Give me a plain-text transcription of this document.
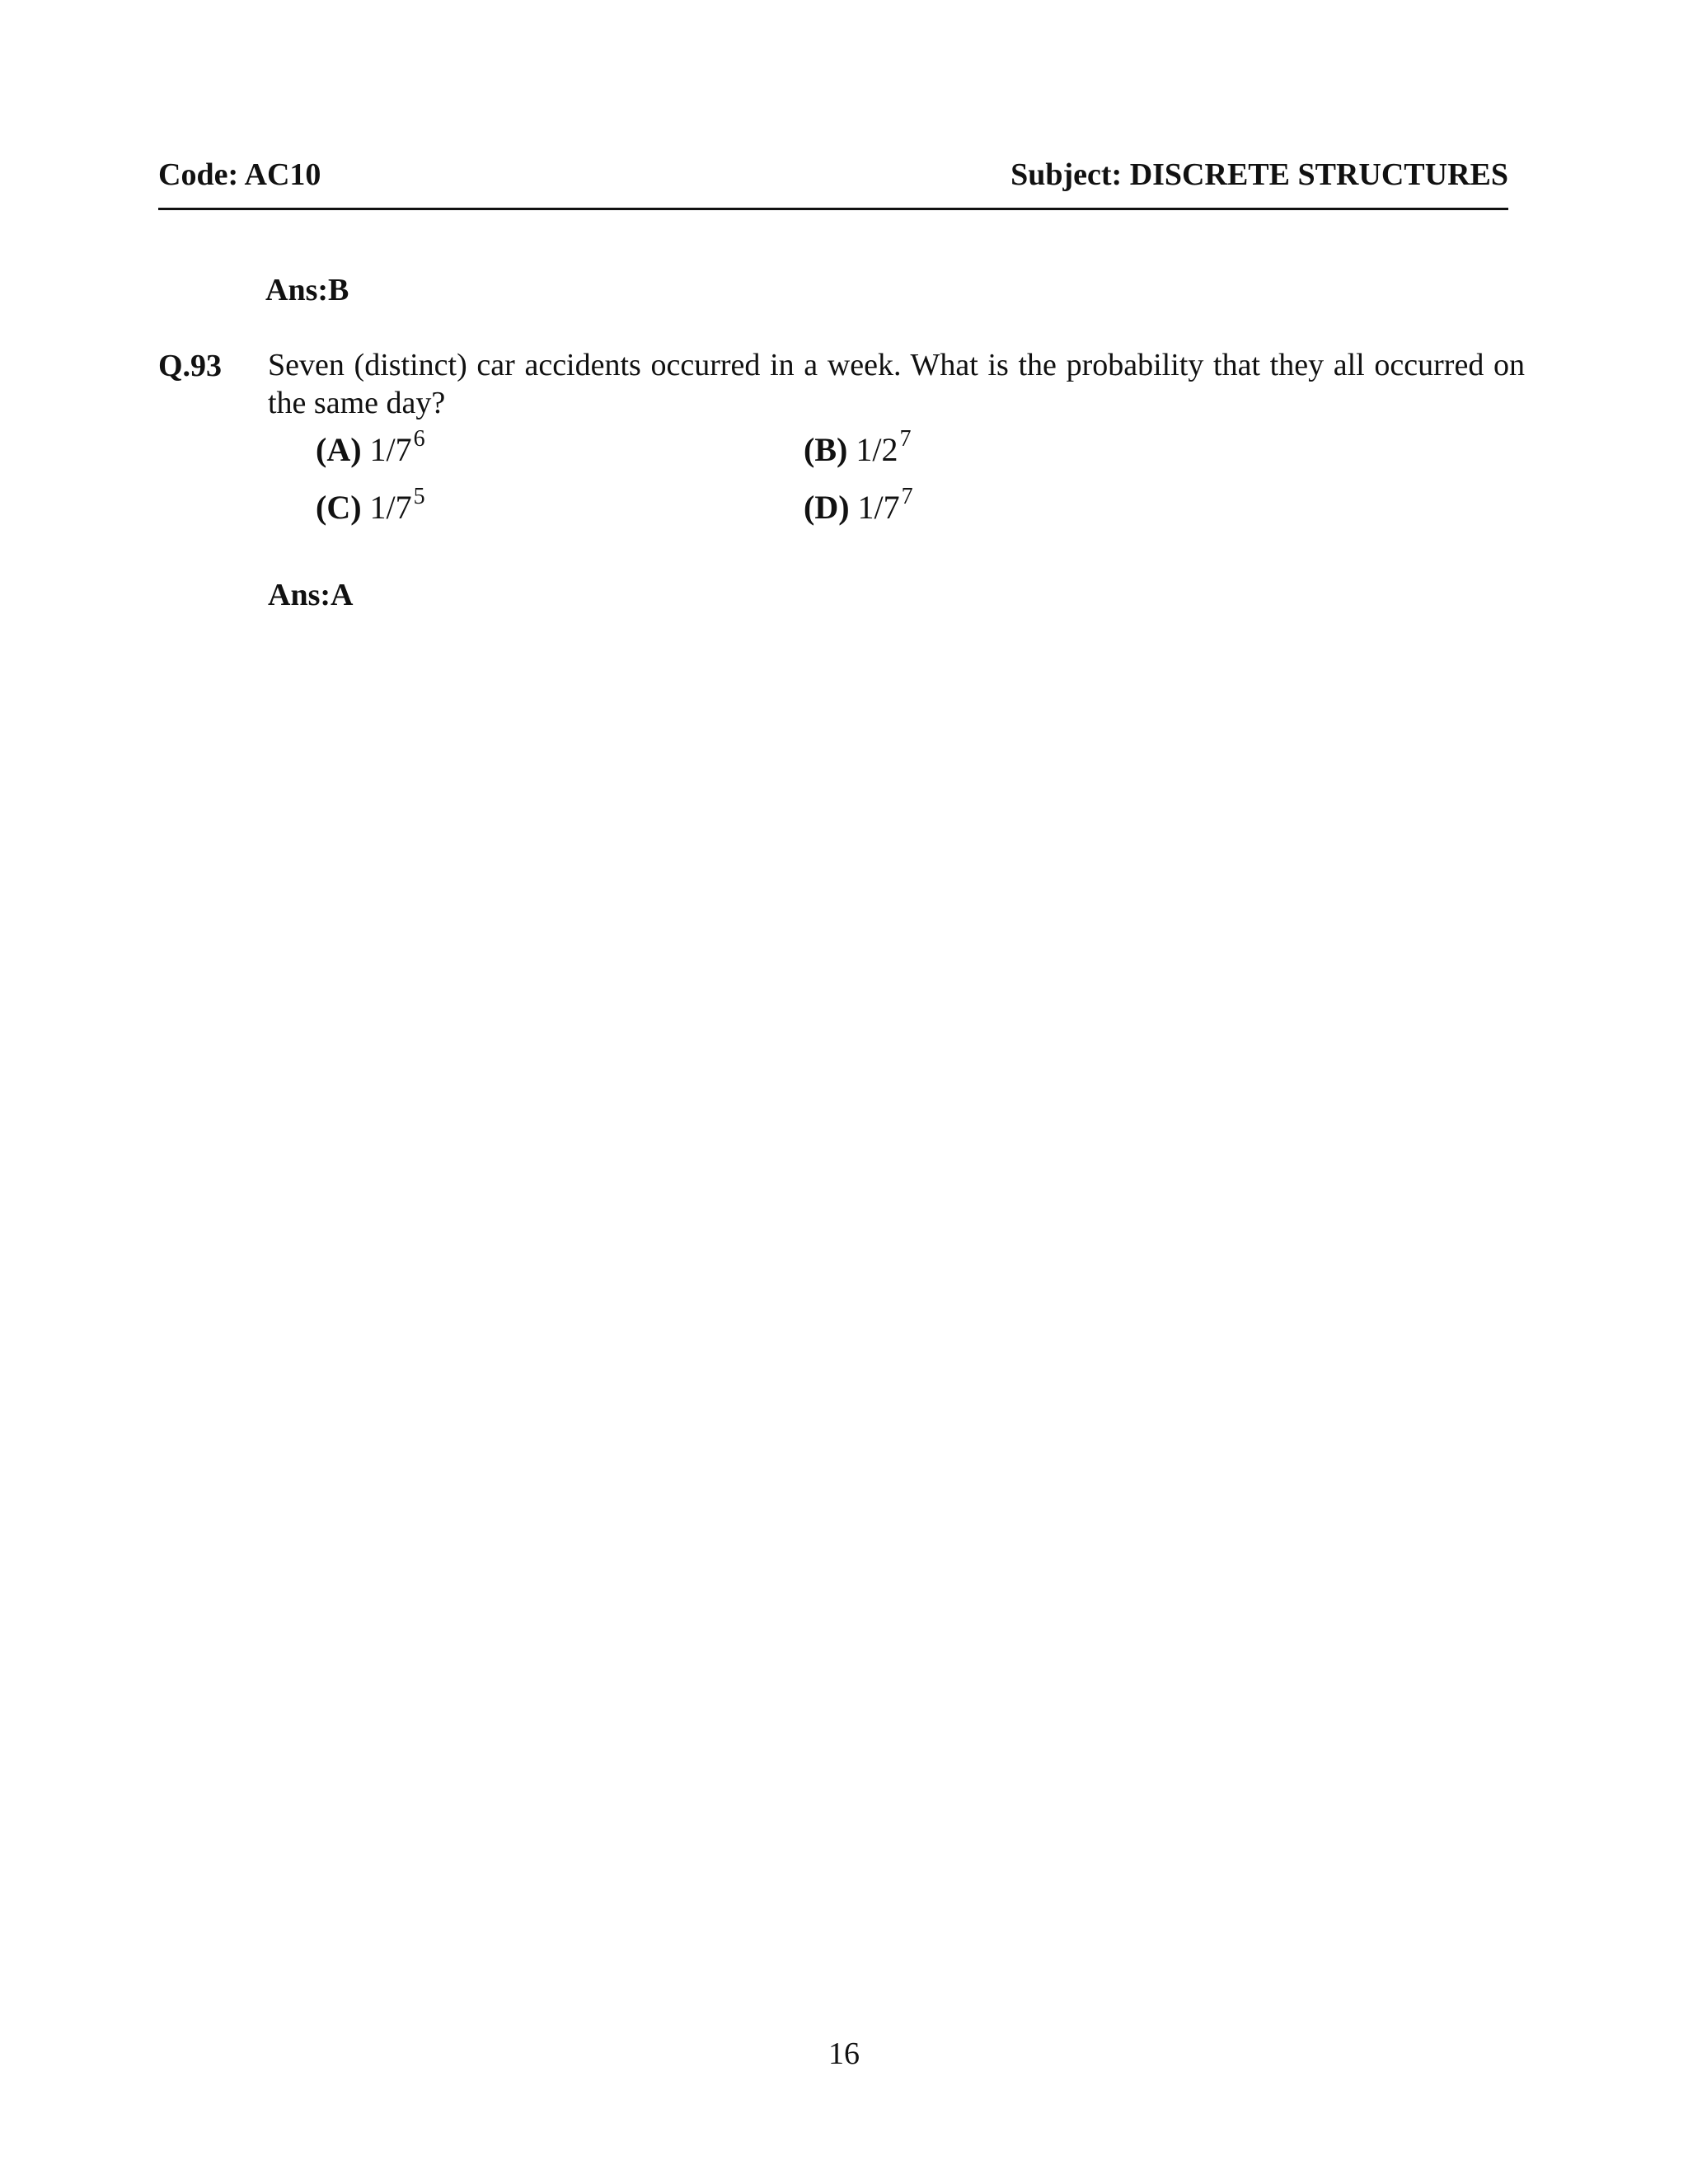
Code: AC10	Subject: DISCRETE STRUCTURES
Ans:B
Q.93 Seven (distinct) car accidents occurred in a week. What is the probability that they all occurred on the same day?
(A) $1/7^6$	(B) $1/2^7$
(C) $1/7^5$	(D) $1/7^7$
Ans:A
16
